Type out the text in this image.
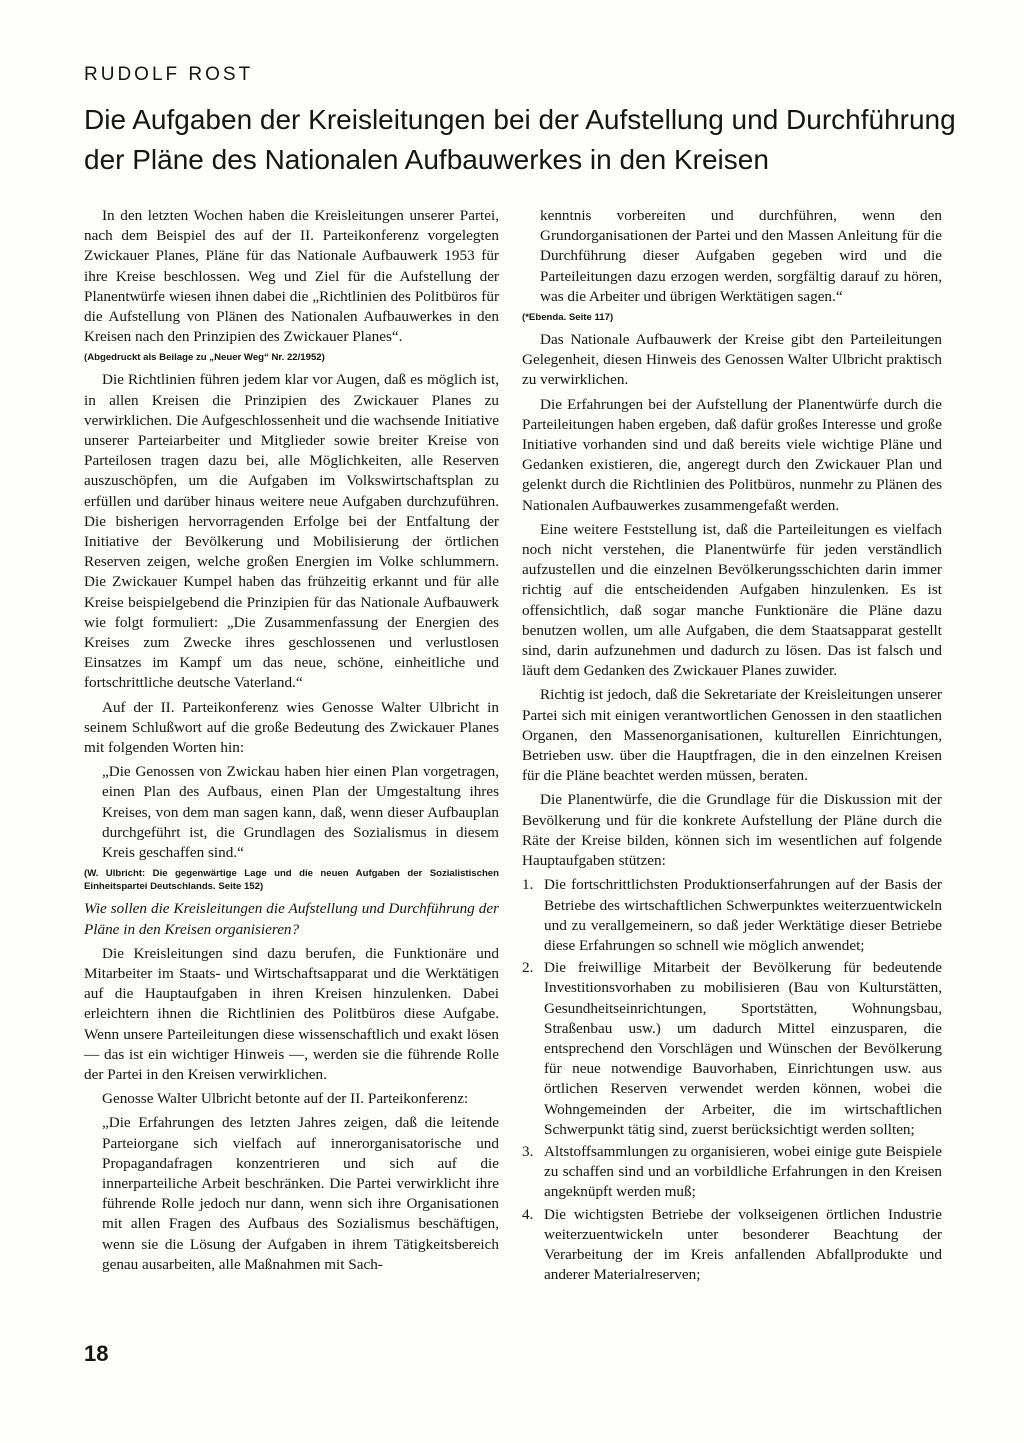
RUDOLF ROST
Die Aufgaben der Kreisleitungen bei der Aufstellung und Durchführung der Pläne des Nationalen Aufbauwerkes in den Kreisen

In den letzten Wochen haben die Kreisleitungen unserer Partei, nach dem Beispiel des auf der II. Parteikonferenz vorgelegten Zwickauer Planes, Pläne für das Nationale Aufbauwerk 1953 für ihre Kreise beschlossen. Weg und Ziel für die Aufstellung der Planentwürfe wiesen ihnen dabei die „Richtlinien des Politbüros für die Aufstellung von Plänen des Nationalen Aufbauwerkes in den Kreisen nach den Prinzipien des Zwickauer Planes“.

(Abgedruckt als Beilage zu „Neuer Weg“ Nr. 22/1952)

Die Richtlinien führen jedem klar vor Augen, daß es möglich ist, in allen Kreisen die Prinzipien des Zwickauer Planes zu verwirklichen. Die Aufgeschlossenheit und die wachsende Initiative unserer Parteiarbeiter und Mitglieder sowie breiter Kreise von Parteilosen tragen dazu bei, alle Möglichkeiten, alle Reserven auszuschöpfen, um die Aufgaben im Volkswirtschaftsplan zu erfüllen und darüber hinaus weitere neue Aufgaben durchzuführen. Die bisherigen hervorragenden Erfolge bei der Entfaltung der Initiative der Bevölkerung und Mobilisierung der örtlichen Reserven zeigen, welche großen Energien im Volke schlummern. Die Zwickauer Kumpel haben das frühzeitig erkannt und für alle Kreise beispielgebend die Prinzipien für das Nationale Aufbauwerk wie folgt formuliert: „Die Zusammenfassung der Energien des Kreises zum Zwecke ihres geschlossenen und verlustlosen Einsatzes im Kampf um das neue, schöne, einheitliche und fortschrittliche deutsche Vaterland.“

Auf der II. Parteikonferenz wies Genosse Walter Ulbricht in seinem Schlußwort auf die große Bedeutung des Zwickauer Planes mit folgenden Worten hin:

„Die Genossen von Zwickau haben hier einen Plan vorgetragen, einen Plan des Aufbaus, einen Plan der Umgestaltung ihres Kreises, von dem man sagen kann, daß, wenn dieser Aufbauplan durchgeführt ist, die Grundlagen des Sozialismus in diesem Kreis geschaffen sind.“

(W. Ulbricht: Die gegenwärtige Lage und die neuen Aufgaben der Sozialistischen Einheitspartei Deutschlands. Seite 152)

Wie sollen die Kreisleitungen die Aufstellung und Durchführung der Pläne in den Kreisen organisieren?

Die Kreisleitungen sind dazu berufen, die Funktionäre und Mitarbeiter im Staats- und Wirtschaftsapparat und die Werktätigen auf die Hauptaufgaben in ihren Kreisen hinzulenken. Dabei erleichtern ihnen die Richtlinien des Politbüros diese Aufgabe. Wenn unsere Parteileitungen diese wissenschaftlich und exakt lösen — das ist ein wichtiger Hinweis —, werden sie die führende Rolle der Partei in den Kreisen verwirklichen.

Genosse Walter Ulbricht betonte auf der II. Parteikonferenz:

„Die Erfahrungen des letzten Jahres zeigen, daß die leitende Parteiorgane sich vielfach auf innerorganisatorische und Propagandafragen konzentrieren und sich auf die innerparteiliche Arbeit beschränken. Die Partei verwirklicht ihre führende Rolle jedoch nur dann, wenn sich ihre Organisationen mit allen Fragen des Aufbaus des Sozialismus beschäftigen, wenn sie die Lösung der Aufgaben in ihrem Tätigkeitsbereich genau ausarbeiten, alle Maßnahmen mit Sach-

kenntnis vorbereiten und durchführen, wenn den Grundorganisationen der Partei und den Massen Anleitung für die Durchführung dieser Aufgaben gegeben wird und die Parteileitungen dazu erzogen werden, sorgfältig darauf zu hören, was die Arbeiter und übrigen Werktätigen sagen.“

(*Ebenda. Seite 117)

Das Nationale Aufbauwerk der Kreise gibt den Parteileitungen Gelegenheit, diesen Hinweis des Genossen Walter Ulbricht praktisch zu verwirklichen.

Die Erfahrungen bei der Aufstellung der Planentwürfe durch die Parteileitungen haben ergeben, daß dafür großes Interesse und große Initiative vorhanden sind und daß bereits viele wichtige Pläne und Gedanken existieren, die, angeregt durch den Zwickauer Plan und gelenkt durch die Richtlinien des Politbüros, nunmehr zu Plänen des Nationalen Aufbauwerkes zusammengefaßt werden.

Eine weitere Feststellung ist, daß die Parteileitungen es vielfach noch nicht verstehen, die Planentwürfe für jeden verständlich aufzustellen und die einzelnen Bevölkerungsschichten darin immer richtig auf die entscheidenden Aufgaben hinzulenken. Es ist offensichtlich, daß sogar manche Funktionäre die Pläne dazu benutzen wollen, um alle Aufgaben, die dem Staatsapparat gestellt sind, darin aufzunehmen und dadurch zu lösen. Das ist falsch und läuft dem Gedanken des Zwickauer Planes zuwider.

Richtig ist jedoch, daß die Sekretariate der Kreisleitungen unserer Partei sich mit einigen verantwortlichen Genossen in den staatlichen Organen, den Massenorganisationen, kulturellen Einrichtungen, Betrieben usw. über die Hauptfragen, die in den einzelnen Kreisen für die Pläne beachtet werden müssen, beraten.

Die Planentwürfe, die die Grundlage für die Diskussion mit der Bevölkerung und für die konkrete Aufstellung der Pläne durch die Räte der Kreise bilden, können sich im wesentlichen auf folgende Hauptaufgaben stützen:

1. Die fortschrittlichsten Produktionserfahrungen auf der Basis der Betriebe des wirtschaftlichen Schwerpunktes weiterzuentwickeln und zu verallgemeinern, so daß jeder Werktätige dieser Betriebe diese Erfahrungen so schnell wie möglich anwendet;
2. Die freiwillige Mitarbeit der Bevölkerung für bedeutende Investitionsvorhaben zu mobilisieren (Bau von Kulturstätten, Gesundheitseinrichtungen, Sportstätten, Wohnungsbau, Straßenbau usw.) um dadurch Mittel einzusparen, die entsprechend den Vorschlägen und Wünschen der Bevölkerung für neue notwendige Bauvorhaben, Einrichtungen usw. aus örtlichen Reserven verwendet werden können, wobei die Wohngemeinden der Arbeiter, die im wirtschaftlichen Schwerpunkt tätig sind, zuerst berücksichtigt werden sollten;
3. Altstoffsammlungen zu organisieren, wobei einige gute Beispiele zu schaffen sind und an vorbildliche Erfahrungen in den Kreisen angeknüpft werden muß;
4. Die wichtigsten Betriebe der volkseigenen örtlichen Industrie weiterzuentwickeln unter besonderer Beachtung der Verarbeitung der im Kreis anfallenden Abfallprodukte und anderer Materialreserven;
18
